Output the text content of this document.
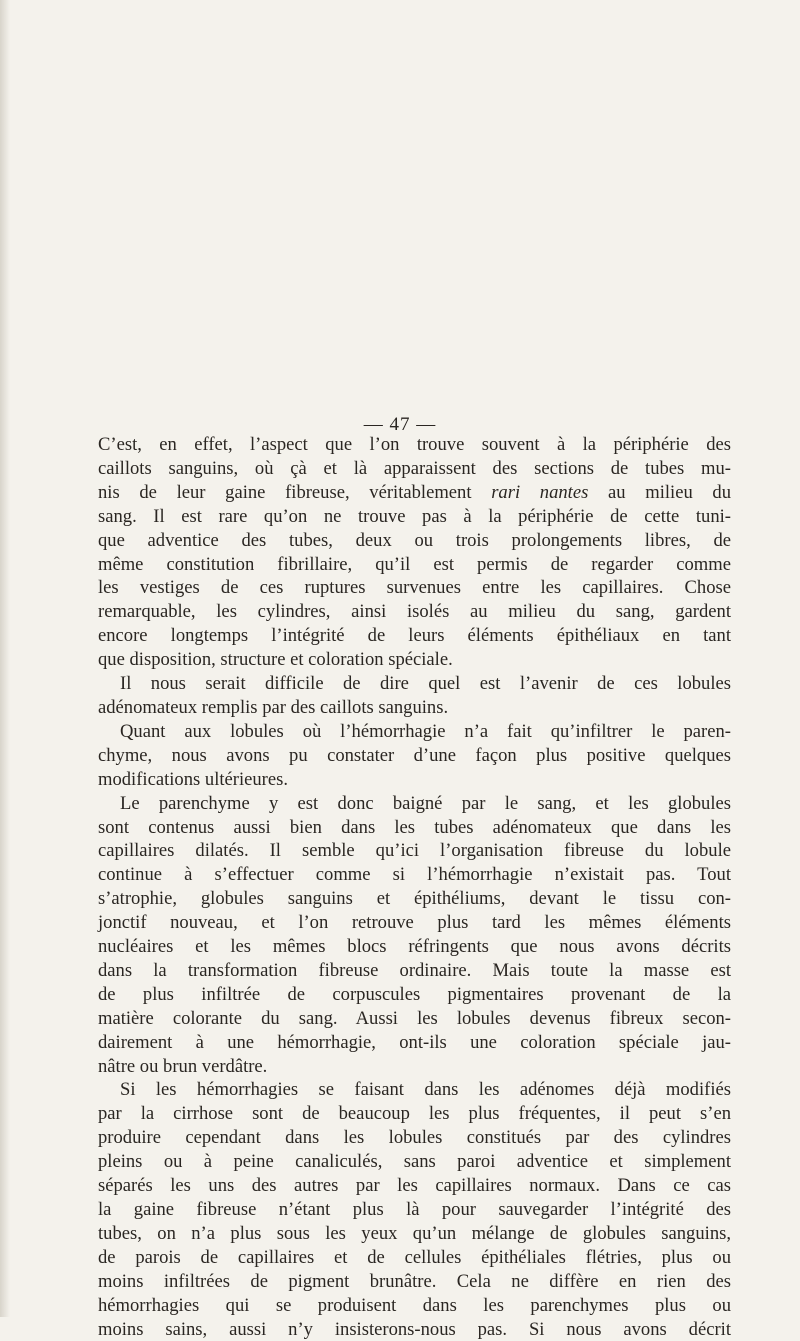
— 47 —

C’est, en effet, l’aspect que l’on trouve souvent à la périphérie des
caillots sanguins, où çà et là apparaissent des sections de tubes mu-
nis de leur gaine fibreuse, véritablement rari nantes au milieu du
sang. Il est rare qu’on ne trouve pas à la périphérie de cette tuni-
que adventice des tubes, deux ou trois prolongements libres, de
même constitution fibrillaire, qu’il est permis de regarder comme
les vestiges de ces ruptures survenues entre les capillaires. Chose
remarquable, les cylindres, ainsi isolés au milieu du sang, gardent
encore longtemps l’intégrité de leurs éléments épithéliaux en tant
que disposition, structure et coloration spéciale.

Il nous serait difficile de dire quel est l’avenir de ces lobules
adénomateux remplis par des caillots sanguins.

Quant aux lobules où l’hémorrhagie n’a fait qu’infiltrer le paren-
chyme, nous avons pu constater d’une façon plus positive quelques
modifications ultérieures.

Le parenchyme y est donc baigné par le sang, et les globules
sont contenus aussi bien dans les tubes adénomateux que dans les
capillaires dilatés. Il semble qu’ici l’organisation fibreuse du lobule
continue à s’effectuer comme si l’hémorrhagie n’existait pas. Tout
s’atrophie, globules sanguins et épithéliums, devant le tissu con-
jonctif nouveau, et l’on retrouve plus tard les mêmes éléments
nucléaires et les mêmes blocs réfringents que nous avons décrits
dans la transformation fibreuse ordinaire. Mais toute la masse est
de plus infiltrée de corpuscules pigmentaires provenant de la
matière colorante du sang. Aussi les lobules devenus fibreux secon-
dairement à une hémorrhagie, ont-ils une coloration spéciale jau-
nâtre ou brun verdâtre.

Si les hémorrhagies se faisant dans les adénomes déjà modifiés
par la cirrhose sont de beaucoup les plus fréquentes, il peut s’en
produire cependant dans les lobules constitués par des cylindres
pleins ou à peine canaliculés, sans paroi adventice et simplement
séparés les uns des autres par les capillaires normaux. Dans ce cas
la gaine fibreuse n’étant plus là pour sauvegarder l’intégrité des
tubes, on n’a plus sous les yeux qu’un mélange de globules sanguins,
de parois de capillaires et de cellules épithéliales flétries, plus ou
moins infiltrées de pigment brunâtre. Cela ne diffère en rien des
hémorrhagies qui se produisent dans les parenchymes plus ou
moins sains, aussi n’y insisterons-nous pas. Si nous avons décrit
